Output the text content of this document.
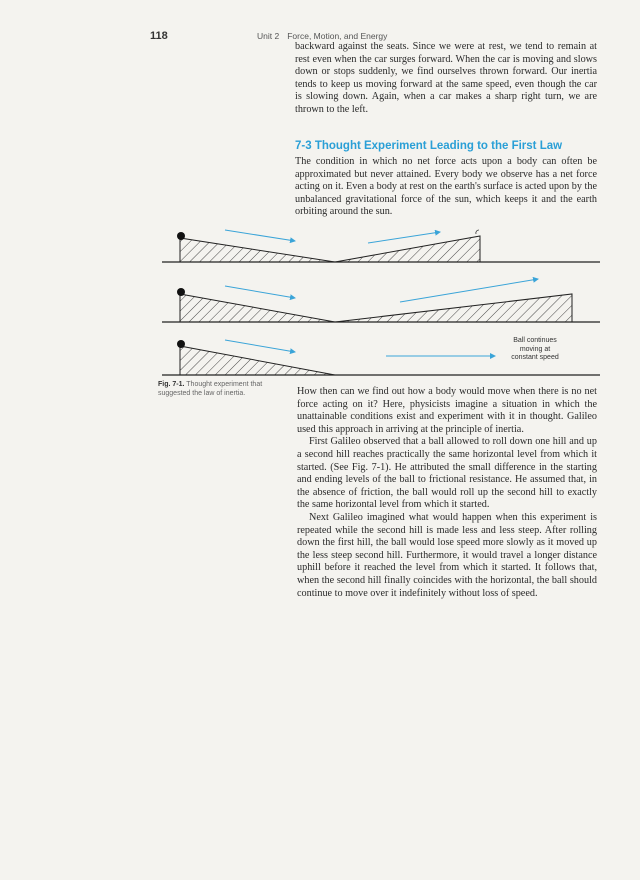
118	Unit 2 Force, Motion, and Energy

backward against the seats. Since we were at rest, we tend to remain at rest even when the car surges forward. When the car is moving and slows down or stops suddenly, we find ourselves thrown forward. Our inertia tends to keep us moving forward at the same speed, even though the car is slowing down. Again, when a car makes a sharp right turn, we are thrown to the left.

7-3 Thought Experiment Leading to the First Law

The condition in which no net force acts upon a body can often be approximated but never attained. Every body we observe has a net force acting on it. Even a body at rest on the earth's surface is acted upon by the unbalanced gravitational force of the sun, which keeps it and the earth orbiting around the sun.

Ball continues
moving at
constant speed
Fig. 7-1. Thought experiment that suggested the law of inertia.	How then can we find out how a body would move when there is no net force acting on it? Here, physicists imagine a situation in which the unattainable conditions exist and experiment with it in thought. Galileo used this approach in arriving at the principle of inertia.

First Galileo observed that a ball allowed to roll down one hill and up a second hill reaches practically the same horizontal level from which it started. (See Fig. 7-1). He attributed the small difference in the starting and ending levels of the ball to frictional resistance. He assumed that, in the absence of friction, the ball would roll up the second hill to exactly the same horizontal level from which it started.

Next Galileo imagined what would happen when this experiment is repeated while the second hill is made less and less steep. After rolling down the first hill, the ball would lose speed more slowly as it moved up the less steep second hill. Furthermore, it would travel a longer distance uphill before it reached the level from which it started. It follows that, when the second hill finally coincides with the horizontal, the ball should continue to move over it indefinitely without loss of speed.
